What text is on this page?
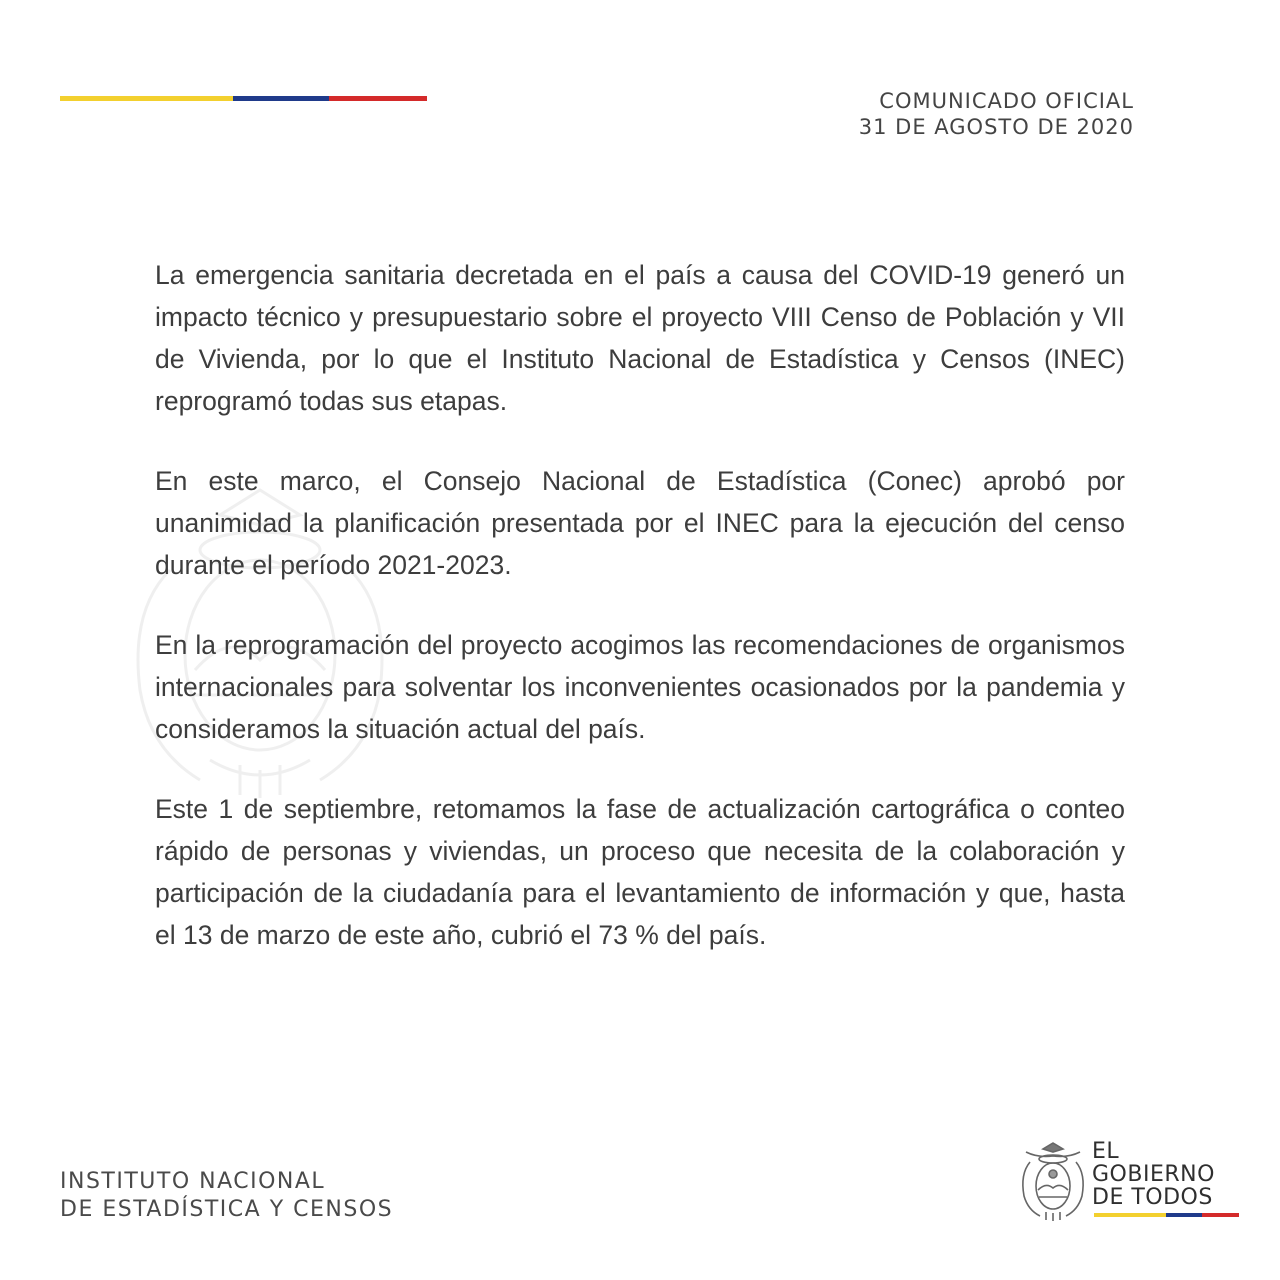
COMUNICADO OFICIAL
31 DE AGOSTO DE 2020

La emergencia sanitaria decretada en el país a causa del COVID-19 generó un impacto técnico y presupuestario sobre el proyecto VIII Censo de Población y VII de Vivienda, por lo que el Instituto Nacional de Estadística y Censos (INEC) reprogramó todas sus etapas.

En este marco, el Consejo Nacional de Estadística (Conec) aprobó por unanimidad la planificación presentada por el INEC para la ejecución del censo durante el período 2021-2023.

En la reprogramación del proyecto acogimos las recomendaciones de organismos internacionales para solventar los inconvenientes ocasionados por la pandemia y consideramos la situación actual del país.

Este 1 de septiembre, retomamos la fase de actualización cartográfica o conteo rápido de personas y viviendas, un proceso que necesita de la colaboración y participación de la ciudadanía para el levantamiento de información y que, hasta el 13 de marzo de este año, cubrió el 73 % del país.

INSTITUTO NACIONAL
DE ESTADÍSTICA Y CENSOS
EL
GOBIERNO
DE TODOS
